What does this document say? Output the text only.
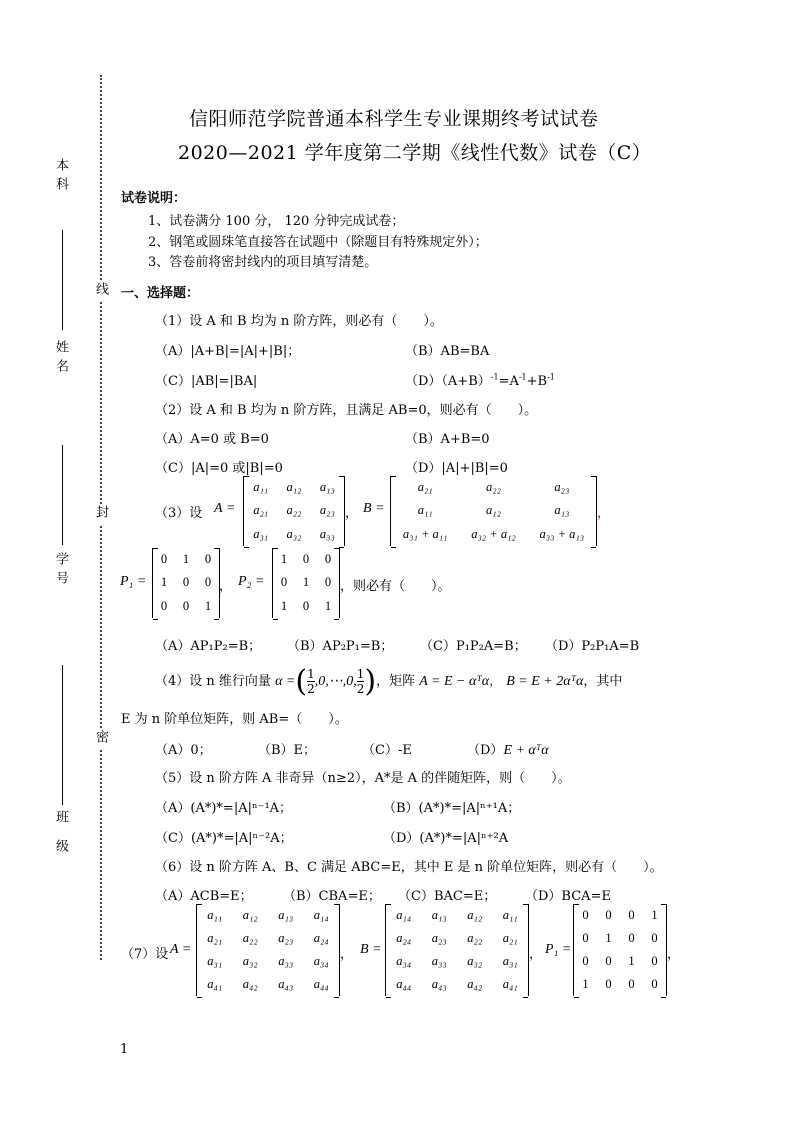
本科
姓名
学号
班 级
线
封
密
信阳师范学院普通本科学生专业课期终考试试卷
2020—2021 学年度第二学期《线性代数》试卷（C）
试卷说明：
1、试卷满分 100 分， 120 分钟完成试卷；
2、钢笔或圆珠笔直接答在试题中（除题目有特殊规定外）；
3、答卷前将密封线内的项目填写清楚。
一、选择题：
（1）设 A 和 B 均为 n 阶方阵，则必有（　　）。
（A）|A+B|=|A|+|B|；	（B）AB=BA
（C）|AB|=|BA|	$(D)(A+B)^{-1}=A^{-1}+B^{-1}$
（2）设 A 和 B 均为 n 阶方阵，且满足 AB=0，则必有（　　）。
（A）A=0 或 B=0	（B）A+B=0
（C）|A|=0 或|B|=0	（D）|A|+|B|=0
（3）设 A =
a₁₁	a₁₂	a₁₃
a₂₁	a₂₂	a₂₃
a₃₁	a₃₂	a₃₃
， B =
a₂₁	a₂₂	a₂₃
a₁₁	a₁₂	a₁₃
a₃₁ + a₁₁	a₃₂ + a₁₂	a₃₃ + a₁₃
，
P₁ =
0	1	0
1	0	0
0	0	1
， P₂ =
1	0	0
0	1	0
1	0	1
，则必有（　　）。
（A）AP₁P₂=B； （B）AP₂P₁=B； （C）P₁P₂A=B； （D）P₂P₁A=B
（4）设 n 维行向量 α =( $\frac{1}{2}$ ,0,⋯,0, $\frac{1}{2}$ )，矩阵 A = E − αᵀα， B = E + 2αᵀα，其中
E 为 n 阶单位矩阵，则 AB=（　　）。
（A）0；	（B）E；	（C）-E	（D）E + αᵀα
（5）设 n 阶方阵 A 非奇异（n≥2），A*是 A 的伴随矩阵，则（　　）。
（A）(A*)*=|A|ⁿ⁻¹A；	（B）(A*)*=|A|ⁿ⁺¹A；
（C）(A*)*=|A|ⁿ⁻²A；	（D）(A*)*=|A|ⁿ⁺²A
（6）设 n 阶方阵 A、B、C 满足 ABC=E，其中 E 是 n 阶单位矩阵，则必有（　　）。
（A）ACB=E； （B）CBA=E； （C）BAC=E； （D）BCA=E
（7）设 A =
a₁₁	a₁₂	a₁₃	a₁₄
a₂₁	a₂₂	a₂₃	a₂₄
a₃₁	a₃₂	a₃₃	a₃₄
a₄₁	a₄₂	a₄₃	a₄₄
， B =
a₁₄	a₁₃	a₁₂	a₁₁
a₂₄	a₂₃	a₂₂	a₂₁
a₃₄	a₃₃	a₃₂	a₃₁
a₄₄	a₄₃	a₄₂	a₄₁
， P₁ =
0	0	0	1
0	1	0	0
0	0	1	0
1	0	0	0
，
1
